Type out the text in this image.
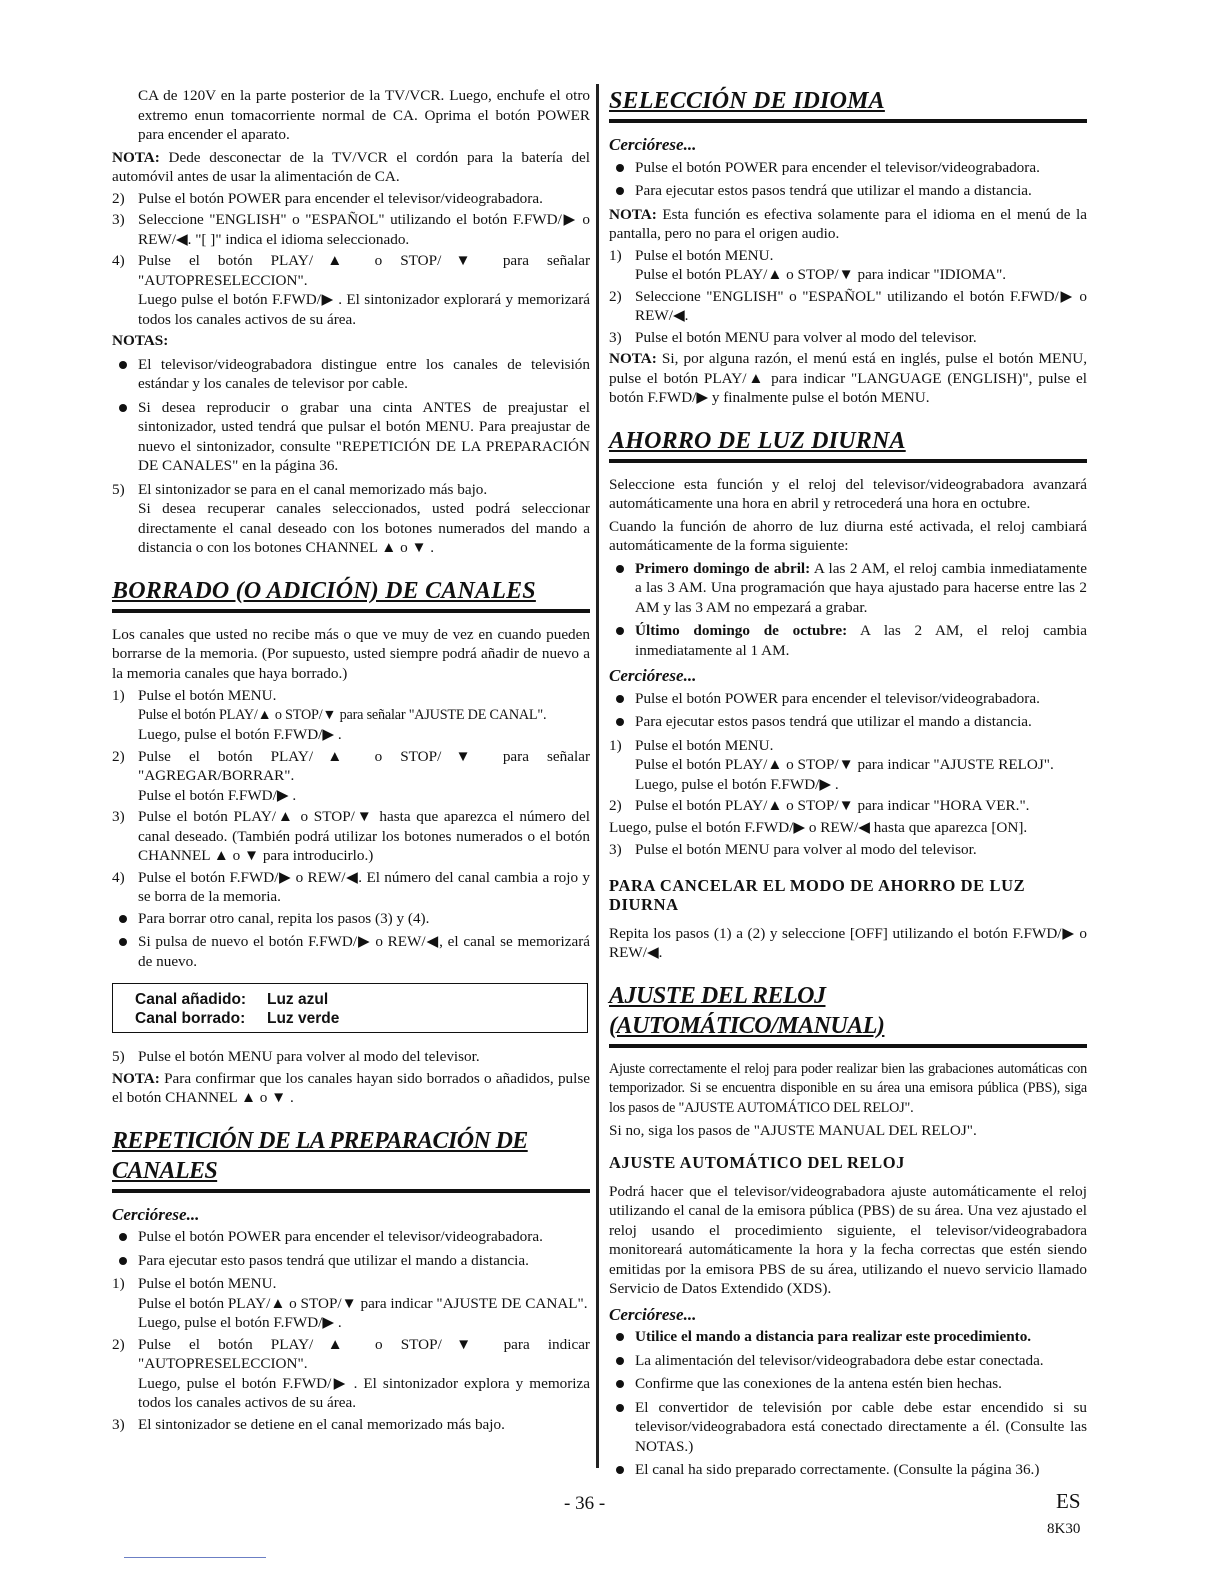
CA de 120V en la parte posterior de la TV/VCR. Luego, enchufe el otro extremo enun tomacorriente normal de CA. Oprima el botón POWER para encender el aparato.

NOTA: Dede desconectar de la TV/VCR el cordón para la batería del automóvil antes de usar la alimentación de CA.

2) Pulse el botón POWER para encender el televisor/videograbadora.
3) Seleccione "ENGLISH" o "ESPAÑOL" utilizando el botón F.FWD/▶ o REW/◀. "[ ]" indica el idioma seleccionado.
4) Pulse el botón PLAY/▲ o STOP/▼ para señalar "AUTOPRESELECCION".
Luego pulse el botón F.FWD/▶ . El sintonizador explorará y memorizará todos los canales activos de su área.

NOTAS:

El televisor/videograbadora distingue entre los canales de televisión estándar y los canales de televisor por cable.
Si desea reproducir o grabar una cinta ANTES de preajustar el sintonizador, usted tendrá que pulsar el botón MENU. Para preajustar de nuevo el sintonizador, consulte "REPETICIÓN DE LA PREPARACIÓN DE CANALES" en la página 36.
5) El sintonizador se para en el canal memorizado más bajo.
Si desea recuperar canales seleccionados, usted podrá seleccionar directamente el canal deseado con los botones numerados del mando a distancia o con los botones CHANNEL ▲ o ▼ .
BORRADO (O ADICIÓN) DE CANALES

Los canales que usted no recibe más o que ve muy de vez en cuando pueden borrarse de la memoria. (Por supuesto, usted siempre podrá añadir de nuevo a la memoria canales que haya borrado.)

1) Pulse el botón MENU.
Pulse el botón PLAY/▲ o STOP/▼ para señalar "AJUSTE DE CANAL".
Luego, pulse el botón F.FWD/▶ .
2) Pulse el botón PLAY/▲ o STOP/▼ para señalar "AGREGAR/BORRAR".
Pulse el botón F.FWD/▶ .
3) Pulse el botón PLAY/▲ o STOP/▼ hasta que aparezca el número del canal deseado. (También podrá utilizar los botones numerados o el botón CHANNEL ▲ o ▼ para introducirlo.)
4) Pulse el botón F.FWD/▶ o REW/◀. El número del canal cambia a rojo y se borra de la memoria.
Para borrar otro canal, repita los pasos (3) y (4).
Si pulsa de nuevo el botón F.FWD/▶ o REW/◀, el canal se memorizará de nuevo.
Canal añadido: Luz azul
Canal borrado: Luz verde
5) Pulse el botón MENU para volver al modo del televisor.

NOTA: Para confirmar que los canales hayan sido borrados o añadidos, pulse el botón CHANNEL ▲ o ▼ .

REPETICIÓN DE LA PREPARACIÓN DE CANALES
Cerciórese...
Pulse el botón POWER para encender el televisor/videograbadora.
Para ejecutar esto pasos tendrá que utilizar el mando a distancia.
1) Pulse el botón MENU.
Pulse el botón PLAY/▲ o STOP/▼ para indicar "AJUSTE DE CANAL".
Luego, pulse el botón F.FWD/▶ .
2) Pulse el botón PLAY/▲ o STOP/▼ para indicar "AUTOPRESELECCION".
Luego, pulse el botón F.FWD/▶ . El sintonizador explora y memoriza todos los canales activos de su área.
3) El sintonizador se detiene en el canal memorizado más bajo.
SELECCIÓN DE IDIOMA
Cerciórese...
Pulse el botón POWER para encender el televisor/videograbadora.
Para ejecutar estos pasos tendrá que utilizar el mando a distancia.

NOTA: Esta función es efectiva solamente para el idioma en el menú de la pantalla, pero no para el origen audio.

1) Pulse el botón MENU.
Pulse el botón PLAY/▲ o STOP/▼ para indicar "IDIOMA".
2) Seleccione "ENGLISH" o "ESPAÑOL" utilizando el botón F.FWD/▶ o REW/◀.
3) Pulse el botón MENU para volver al modo del televisor.

NOTA: Si, por alguna razón, el menú está en inglés, pulse el botón MENU, pulse el botón PLAY/▲ para indicar "LANGUAGE (ENGLISH)", pulse el botón F.FWD/▶ y finalmente pulse el botón MENU.

AHORRO DE LUZ DIURNA

Seleccione esta función y el reloj del televisor/videograbadora avanzará automáticamente una hora en abril y retrocederá una hora en octubre.

Cuando la función de ahorro de luz diurna esté activada, el reloj cambiará automáticamente de la forma siguiente:

Primero domingo de abril: A las 2 AM, el reloj cambia inmediatamente a las 3 AM. Una programación que haya ajustado para hacerse entre las 2 AM y las 3 AM no empezará a grabar.
Último domingo de octubre: A las 2 AM, el reloj cambia inmediatamente al 1 AM.
Cerciórese...
Pulse el botón POWER para encender el televisor/videograbadora.
Para ejecutar estos pasos tendrá que utilizar el mando a distancia.
1) Pulse el botón MENU.
Pulse el botón PLAY/▲ o STOP/▼ para indicar "AJUSTE RELOJ".
Luego, pulse el botón F.FWD/▶ .
2) Pulse el botón PLAY/▲ o STOP/▼ para indicar "HORA VER.".

Luego, pulse el botón F.FWD/▶ o REW/◀ hasta que aparezca [ON].

3) Pulse el botón MENU para volver al modo del televisor.
PARA CANCELAR EL MODO DE AHORRO DE LUZ DIURNA

Repita los pasos (1) a (2) y seleccione [OFF] utilizando el botón F.FWD/▶ o REW/◀.

AJUSTE DEL RELOJ (AUTOMÁTICO/MANUAL)

Ajuste correctamente el reloj para poder realizar bien las grabaciones automáticas con temporizador. Si se encuentra disponible en su área una emisora pública (PBS), siga los pasos de "AJUSTE AUTOMÁTICO DEL RELOJ".

Si no, siga los pasos de "AJUSTE MANUAL DEL RELOJ".

AJUSTE AUTOMÁTICO DEL RELOJ

Podrá hacer que el televisor/videograbadora ajuste automáticamente el reloj utilizando el canal de la emisora pública (PBS) de su área. Una vez ajustado el reloj usando el procedimiento siguiente, el televisor/videograbadora monitoreará automáticamente la hora y la fecha correctas que estén siendo emitidas por la emisora PBS de su área, utilizando el nuevo servicio llamado Servicio de Datos Extendido (XDS).

Cerciórese...
Utilice el mando a distancia para realizar este procedimiento.
La alimentación del televisor/videograbadora debe estar conectada.
Confirme que las conexiones de la antena estén bien hechas.
El convertidor de televisión por cable debe estar encendido si su televisor/videograbadora está conectado directamente a él. (Consulte las NOTAS.)
El canal ha sido preparado correctamente. (Consulte la página 36.)
- 36 -	ES
8K30
